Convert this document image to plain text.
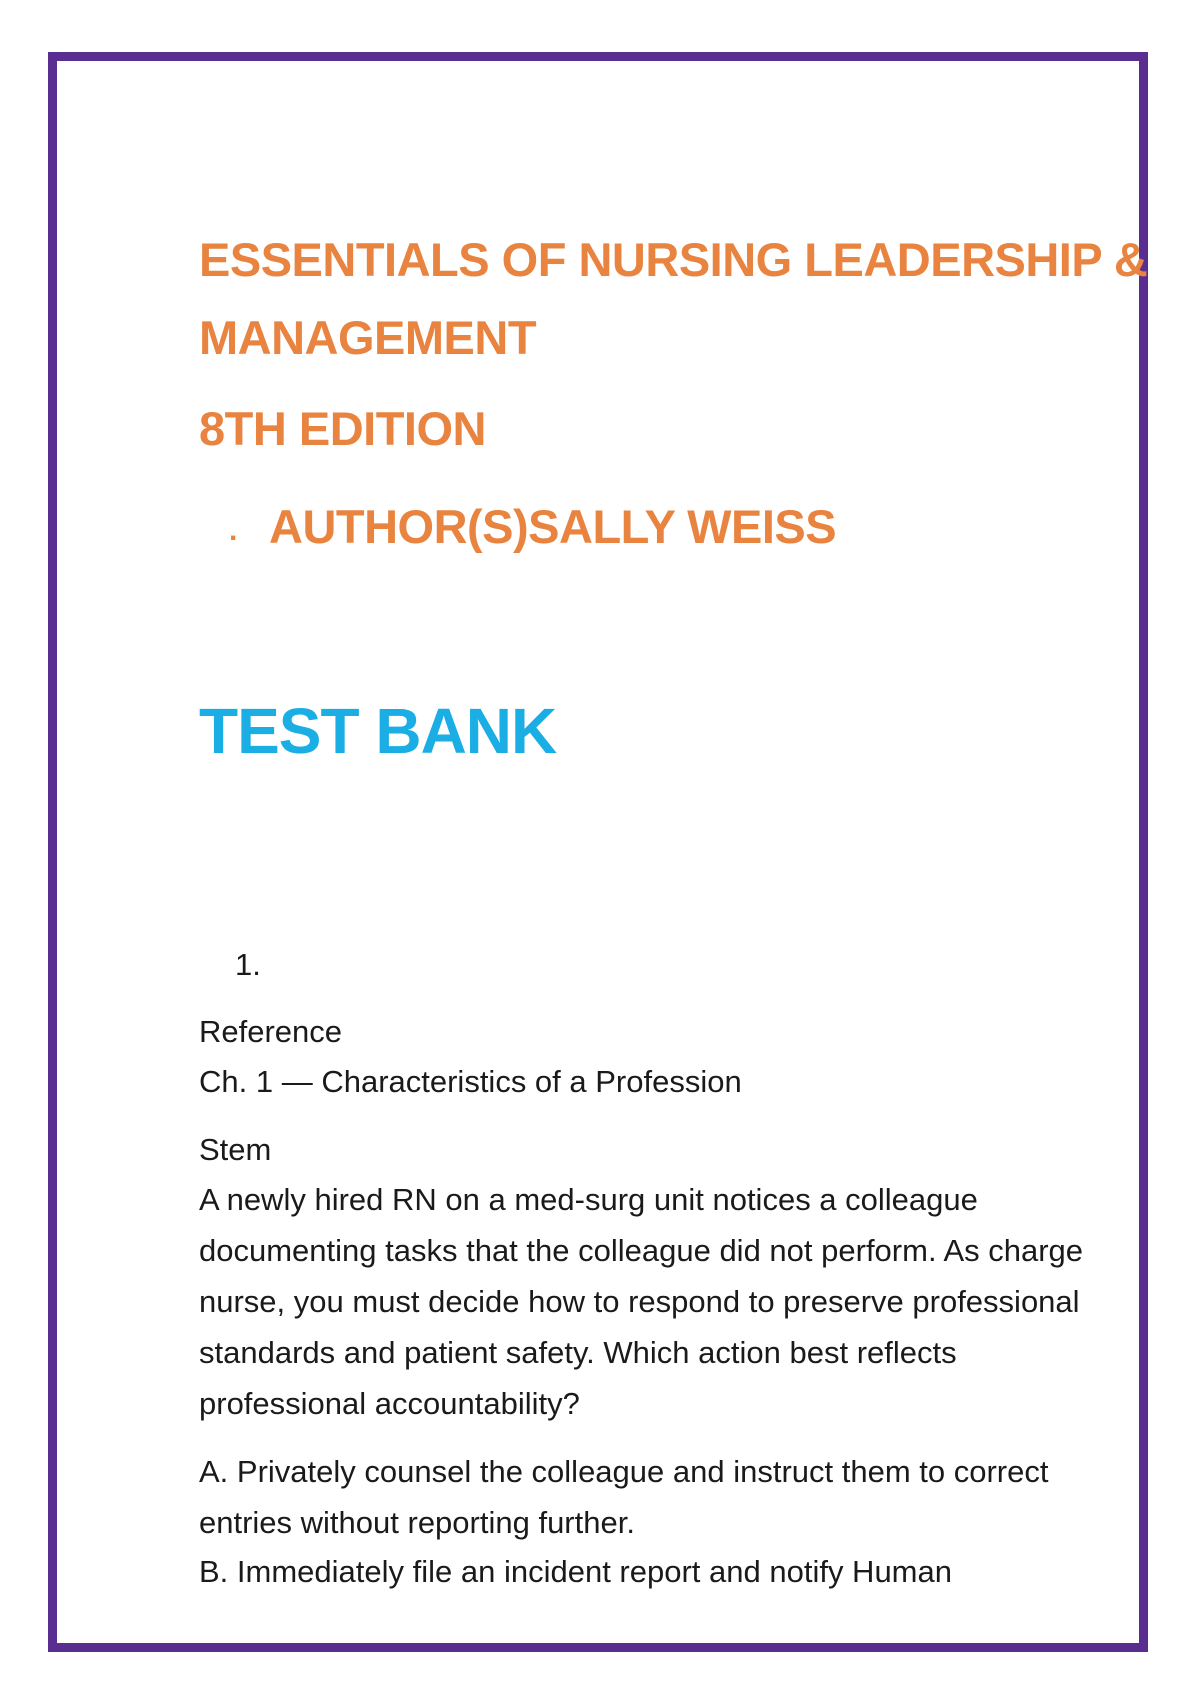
ESSENTIALS OF NURSING LEADERSHIP & MANAGEMENT
8TH EDITION

. AUTHOR(S)SALLY WEISS

TEST BANK

1.

Reference

Ch. 1 — Characteristics of a Profession

Stem

A newly hired RN on a med-surg unit notices a colleague documenting tasks that the colleague did not perform. As charge nurse, you must decide how to respond to preserve professional standards and patient safety. Which action best reflects professional accountability?

A. Privately counsel the colleague and instruct them to correct entries without reporting further.

B. Immediately file an incident report and notify Human
